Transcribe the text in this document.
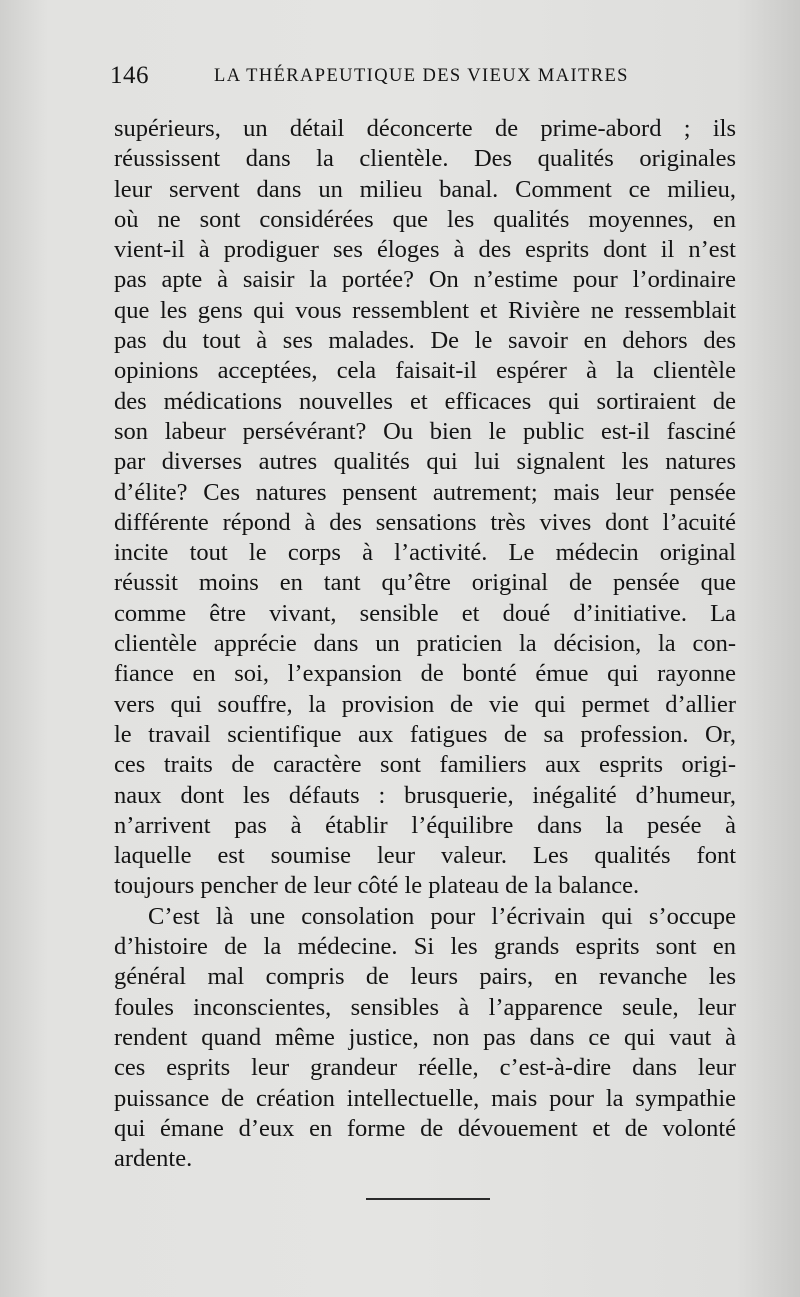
146	LA THÉRAPEUTIQUE DES VIEUX MAITRES
supérieurs, un détail déconcerte de prime-abord ; ils
réussissent dans la clientèle. Des qualités originales
leur servent dans un milieu banal. Comment ce milieu,
où ne sont considérées que les qualités moyennes, en
vient-il à prodiguer ses éloges à des esprits dont il n’est
pas apte à saisir la portée? On n’estime pour l’ordinaire
que les gens qui vous ressemblent et Rivière ne ressemblait
pas du tout à ses malades. De le savoir en dehors des
opinions acceptées, cela faisait-il espérer à la clientèle
des médications nouvelles et efficaces qui sortiraient de
son labeur persévérant? Ou bien le public est-il fasciné
par diverses autres qualités qui lui signalent les natures
d’élite? Ces natures pensent autrement; mais leur pensée
différente répond à des sensations très vives dont l’acuité
incite tout le corps à l’activité. Le médecin original
réussit moins en tant qu’être original de pensée que
comme être vivant, sensible et doué d’initiative. La
clientèle apprécie dans un praticien la décision, la con-
fiance en soi, l’expansion de bonté émue qui rayonne
vers qui souffre, la provision de vie qui permet d’allier
le travail scientifique aux fatigues de sa profession. Or,
ces traits de caractère sont familiers aux esprits origi-
naux dont les défauts : brusquerie, inégalité d’humeur,
n’arrivent pas à établir l’équilibre dans la pesée à
laquelle est soumise leur valeur. Les qualités font
toujours pencher de leur côté le plateau de la balance.
C’est là une consolation pour l’écrivain qui s’occupe
d’histoire de la médecine. Si les grands esprits sont en
général mal compris de leurs pairs, en revanche les
foules inconscientes, sensibles à l’apparence seule, leur
rendent quand même justice, non pas dans ce qui vaut à
ces esprits leur grandeur réelle, c’est-à-dire dans leur
puissance de création intellectuelle, mais pour la sympathie
qui émane d’eux en forme de dévouement et de volonté
ardente.
